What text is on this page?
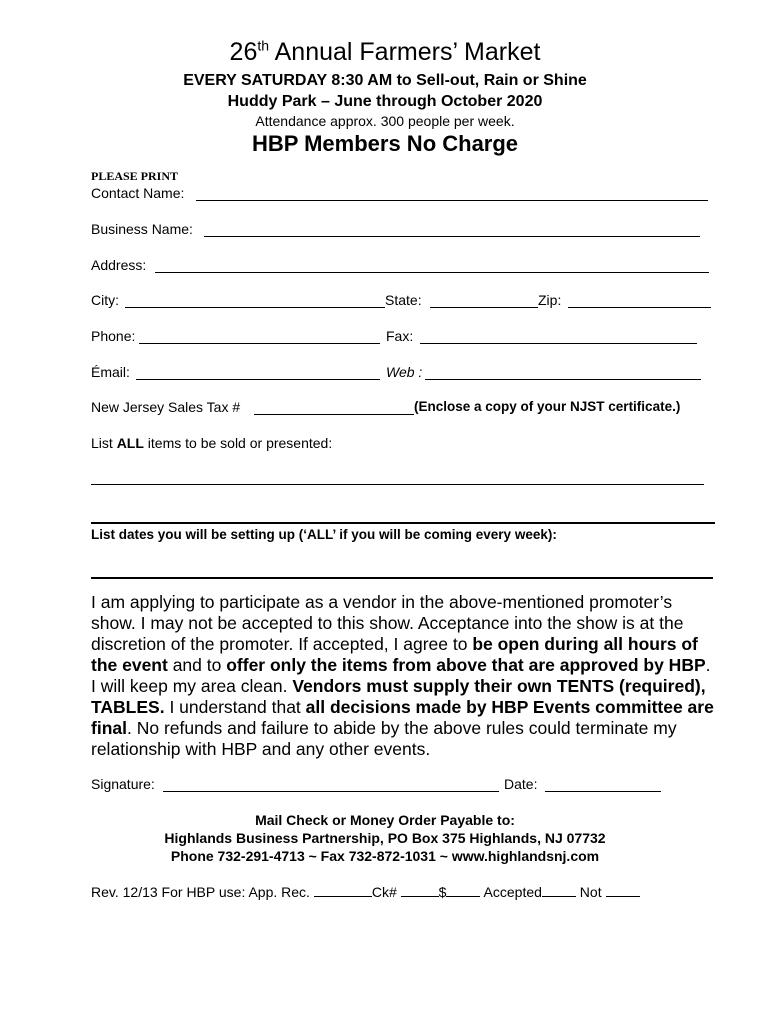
26th Annual Farmers’ Market
EVERY SATURDAY 8:30 AM to Sell-out, Rain or Shine
Huddy Park – June through October 2020
Attendance approx. 300 people per week.
HBP Members No Charge
PLEASE PRINT
Contact Name:
Business Name:
Address:
City:	State:	Zip:
Phone:	Fax:
Émail:	Web :
New Jersey Sales Tax #	(Enclose a copy of your NJST certificate.)
List ALL items to be sold or presented:
List dates you will be setting up (‘ALL’ if you will be coming every week):
I am applying to participate as a vendor in the above-mentioned promoter’s show. I may not be accepted to this show. Acceptance into the show is at the discretion of the promoter. If accepted, I agree to be open during all hours of the event and to offer only the items from above that are approved by HBP. I will keep my area clean. Vendors must supply their own TENTS (required), TABLES. I understand that all decisions made by HBP Events committee are final. No refunds and failure to abide by the above rules could terminate my relationship with HBP and any other events.
Signature:	Date:
Mail Check or Money Order Payable to:
Highlands Business Partnership, PO Box 375 Highlands, NJ 07732
Phone 732-291-4713 ~ Fax 732-872-1031 ~ www.highlandsnj.com
Rev. 12/13 For HBP use: App. Rec.	Ck#	$ Accepted Not
